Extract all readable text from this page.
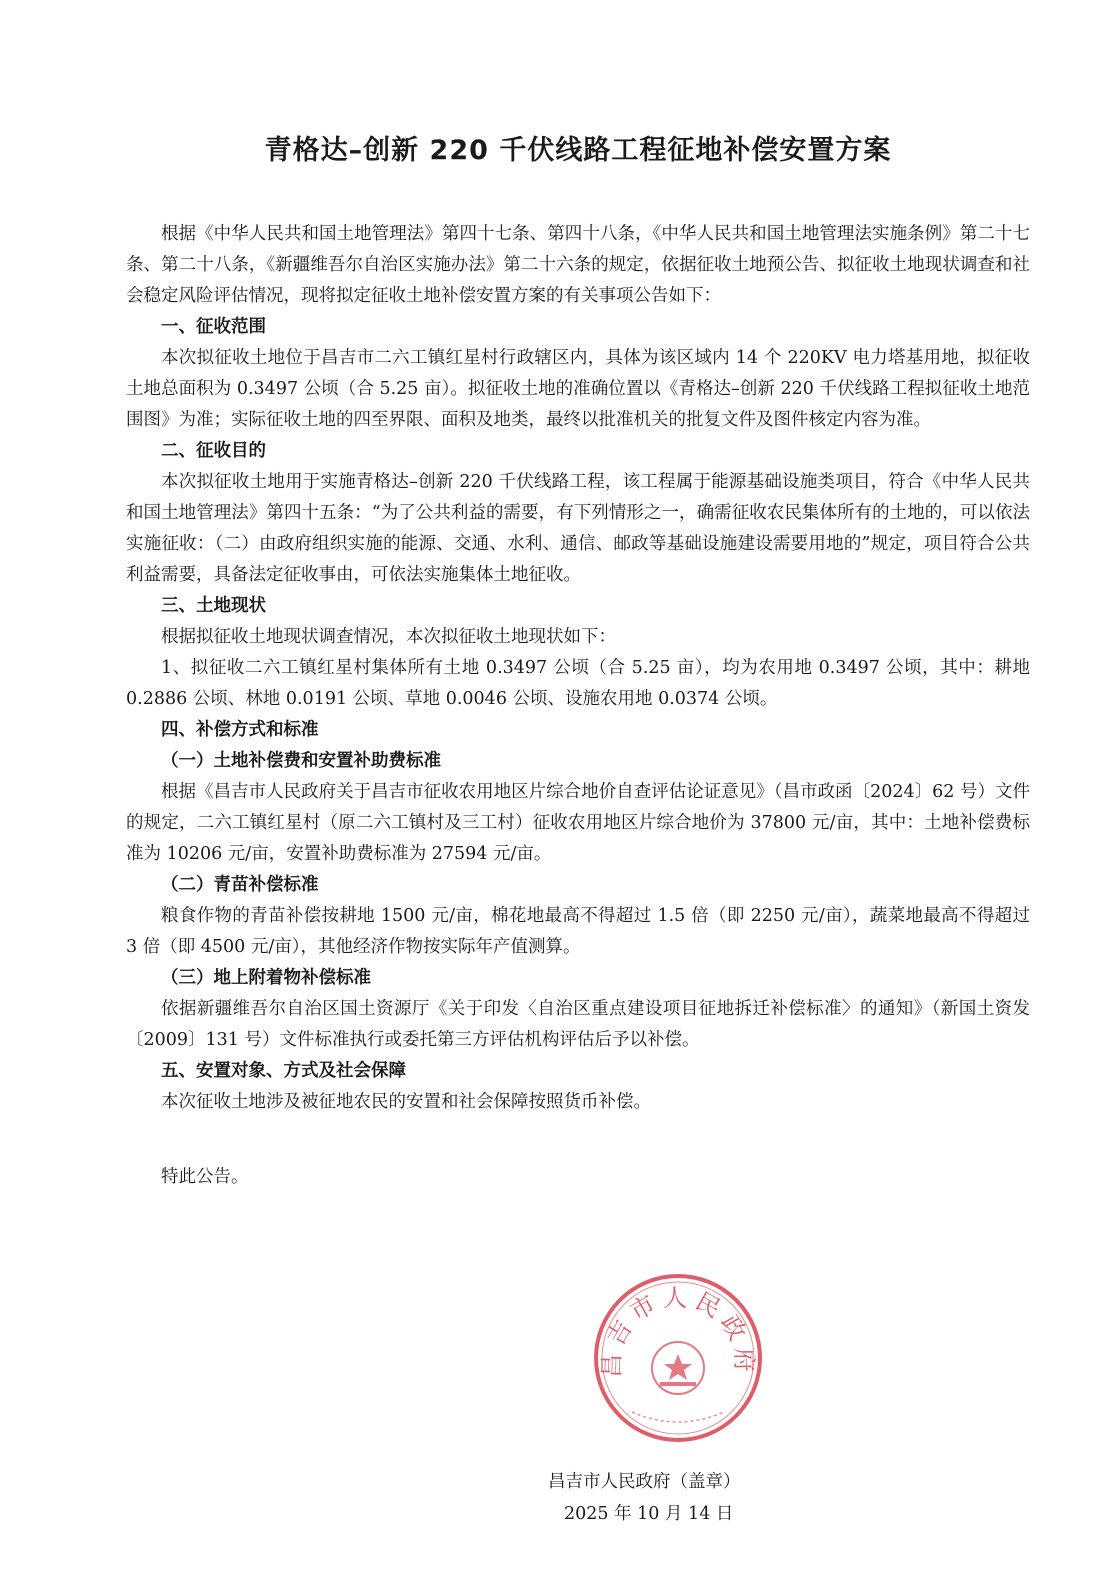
青格达–创新 220 千伏线路工程征地补偿安置方案

根据《中华人民共和国土地管理法》第四十七条、第四十八条，《中华人民共和国土地管理法实施条例》第二十七条、第二十八条，《新疆维吾尔自治区实施办法》第二十六条的规定，依据征收土地预公告、拟征收土地现状调查和社会稳定风险评估情况，现将拟定征收土地补偿安置方案的有关事项公告如下：

一、征收范围

本次拟征收土地位于昌吉市二六工镇红星村行政辖区内，具体为该区域内 14 个 220KV 电力塔基用地，拟征收土地总面积为 0.3497 公顷（合 5.25 亩）。拟征收土地的准确位置以《青格达–创新 220 千伏线路工程拟征收土地范围图》为准；实际征收土地的四至界限、面积及地类，最终以批准机关的批复文件及图件核定内容为准。

二、征收目的

本次拟征收土地用于实施青格达–创新 220 千伏线路工程，该工程属于能源基础设施类项目，符合《中华人民共和国土地管理法》第四十五条：“为了公共利益的需要，有下列情形之一，确需征收农民集体所有的土地的，可以依法实施征收：（二）由政府组织实施的能源、交通、水利、通信、邮政等基础设施建设需要用地的”规定，项目符合公共利益需要，具备法定征收事由，可依法实施集体土地征收。

三、土地现状

根据拟征收土地现状调查情况，本次拟征收土地现状如下：

1、拟征收二六工镇红星村集体所有土地 0.3497 公顷（合 5.25 亩），均为农用地 0.3497 公顷，其中：耕地 0.2886 公顷、林地 0.0191 公顷、草地 0.0046 公顷、设施农用地 0.0374 公顷。

四、补偿方式和标准

（一）土地补偿费和安置补助费标准

根据《昌吉市人民政府关于昌吉市征收农用地区片综合地价自查评估论证意见》（昌市政函〔2024〕62 号）文件的规定，二六工镇红星村（原二六工镇村及三工村）征收农用地区片综合地价为 37800 元/亩，其中：土地补偿费标准为 10206 元/亩，安置补助费标准为 27594 元/亩。

（二）青苗补偿标准

粮食作物的青苗补偿按耕地 1500 元/亩，棉花地最高不得超过 1.5 倍（即 2250 元/亩），蔬菜地最高不得超过 3 倍（即 4500 元/亩），其他经济作物按实际年产值测算。

（三）地上附着物补偿标准

依据新疆维吾尔自治区国土资源厅《关于印发〈自治区重点建设项目征地拆迁补偿标准〉的通知》（新国土资发〔2009〕131 号）文件标准执行或委托第三方评估机构评估后予以补偿。

五、安置对象、方式及社会保障

本次征收土地涉及被征地农民的安置和社会保障按照货币补偿。

特此公告。

昌吉市人民政府
昌吉市人民政府（盖章）
2025 年 10 月 14 日
